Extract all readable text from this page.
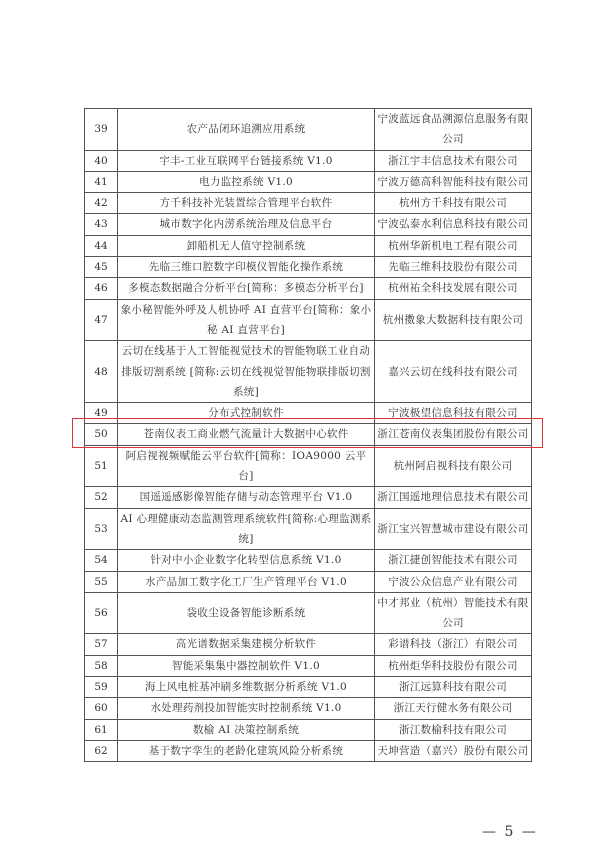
39	农产品闭环追溯应用系统	宁波蓝远食品溯源信息服务有限公司
40	宇丰-工业互联网平台链接系统 V1.0	浙江宇丰信息技术有限公司
41	电力监控系统 V1.0	宁波万德高科智能科技有限公司
42	方千科技补光装置综合管理平台软件	杭州方千科技有限公司
43	城市数字化内涝系统治理及信息平台	宁波弘泰水利信息科技有限公司
44	卸船机无人值守控制系统	杭州华新机电工程有限公司
45	先临三维口腔数字印模仪智能化操作系统	先临三维科技股份有限公司
46	多模态数据融合分析平台[简称：多模态分析平台]	杭州祐全科技发展有限公司
47	象小秘智能外呼及人机协呼 AI 直营平台[简称：象小秘 AI 直营平台]	杭州擞象大数据科技有限公司
48	云切在线基于人工智能视觉技术的智能物联工业自动排版切割系统 [简称:云切在线视觉智能物联排版切割系统]	嘉兴云切在线科技有限公司
49	分布式控制软件	宁波极望信息科技有限公司
50	苍南仪表工商业燃气流量计大数据中心软件	浙江苍南仪表集团股份有限公司
51	阿启视视频赋能云平台软件[简称：IOA9000 云平台]	杭州阿启视科技有限公司
52	国遥遥感影像智能存储与动态管理平台 V1.0	浙江国遥地理信息技术有限公司
53	AI 心理健康动态监测管理系统软件[简称:心理监测系统]	浙江宝兴智慧城市建设有限公司
54	针对中小企业数字化转型信息系统 V1.0	浙江捷创智能技术有限公司
55	水产品加工数字化工厂生产管理平台 V1.0	宁波公众信息产业有限公司
56	袋收尘设备智能诊断系统	中才邦业（杭州）智能技术有限公司
57	高光谱数据采集建模分析软件	彩谱科技（浙江）有限公司
58	智能采集集中器控制软件 V1.0	杭州炬华科技股份有限公司
59	海上风电桩基冲刷多维数据分析系统 V1.0	浙江远算科技有限公司
60	水处理药剂投加智能实时控制系统 V1.0	浙江天行健水务有限公司
61	数榆 AI 决策控制系统	浙江数榆科技有限公司
62	基于数字孪生的老龄化建筑风险分析系统	天坤营造（嘉兴）股份有限公司
— 5 —
